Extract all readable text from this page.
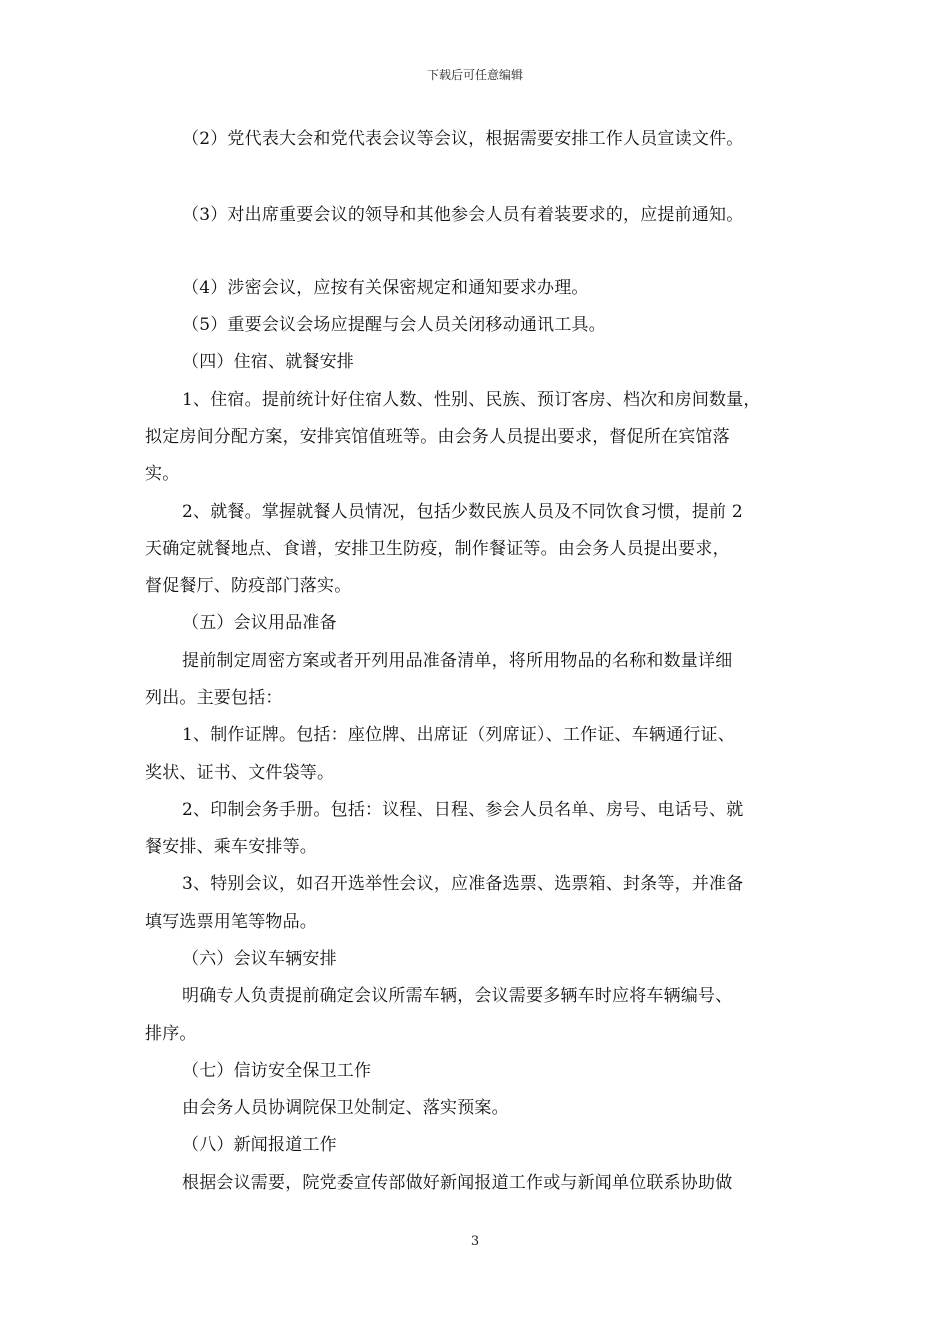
下载后可任意编辑
（2）党代表大会和党代表会议等会议，根据需要安排工作人员宣读文件。
（3）对出席重要会议的领导和其他参会人员有着装要求的，应提前通知。
（4）涉密会议，应按有关保密规定和通知要求办理。
（5）重要会议会场应提醒与会人员关闭移动通讯工具。
（四）住宿、就餐安排
1、住宿。提前统计好住宿人数、性别、民族、预订客房、档次和房间数量，
拟定房间分配方案，安排宾馆值班等。由会务人员提出要求，督促所在宾馆落
实。
2、就餐。掌握就餐人员情况，包括少数民族人员及不同饮食习惯，提前 2
天确定就餐地点、食谱，安排卫生防疫，制作餐证等。由会务人员提出要求，
督促餐厅、防疫部门落实。
（五）会议用品准备
提前制定周密方案或者开列用品准备清单，将所用物品的名称和数量详细
列出。主要包括：
1、制作证牌。包括：座位牌、出席证（列席证）、工作证、车辆通行证、
奖状、证书、文件袋等。
2、印制会务手册。包括：议程、日程、参会人员名单、房号、电话号、就
餐安排、乘车安排等。
3、特别会议，如召开选举性会议，应准备选票、选票箱、封条等，并准备
填写选票用笔等物品。
（六）会议车辆安排
明确专人负责提前确定会议所需车辆，会议需要多辆车时应将车辆编号、
排序。
（七）信访安全保卫工作
由会务人员协调院保卫处制定、落实预案。
（八）新闻报道工作
根据会议需要，院党委宣传部做好新闻报道工作或与新闻单位联系协助做
3
